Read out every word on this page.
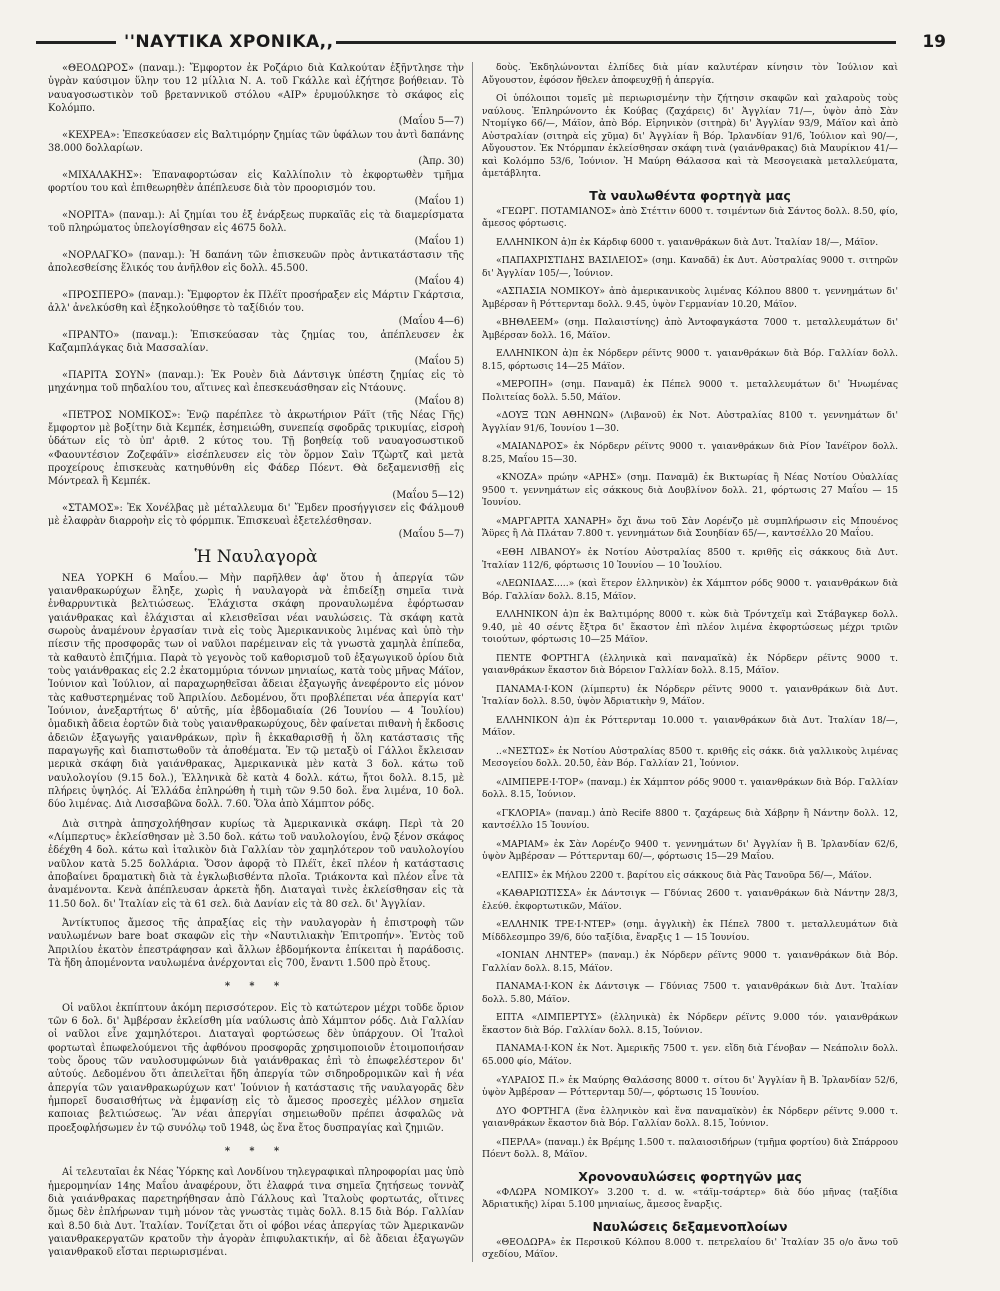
''ΝΑΥΤΙΚΑ ΧΡΟΝΙΚΑ,,	19
«ΘΕΟΔΩΡΟΣ» (παναμ.): Ἔμφορτον ἐκ Ροζάριο διὰ Καλκούταν ἐξῆντλησε τὴν ὑγρὰν καύσιμον ὕλην του 12 μίλλια Ν. Α. τοῦ Γκάλλε καὶ ἐζήτησε βοήθειαν. Τὸ ναυαγοσωστικὸν τοῦ βρεταννικοῦ στόλου «ΑΙΡ» ἐρυμούλκησε τὸ σκάφος εἰς Κολόμπο.
(Μαΐου 5—7)
«ΚΕΧΡΕΑ»: Ἐπεσκεύασεν εἰς Βαλτιμόρην ζημίας τῶν ὑφάλων του ἀντὶ δαπάνης 38.000 δολλαρίων.
(Ἀπρ. 30)
«ΜΙΧΑΛΑΚΗΣ»: Ἐπαναφορτώσαν εἰς Καλλίπολιν τὸ ἐκφορτωθὲν τμῆμα φορτίου του καὶ ἐπιθεωρηθὲν ἀπέπλευσε διὰ τὸν προορισμόν του.
(Μαΐου 1)
«ΝΟΡΙΤΑ» (παναμ.): Αἱ ζημίαι του ἐξ ἐνάρξεως πυρκαϊᾶς εἰς τὰ διαμερίσματα τοῦ πληρώματος ὑπελογίσθησαν εἰς 4675 δολλ.
(Μαΐου 1)
«ΝΟΡΛΑΓΚΟ» (παναμ.): Ἡ δαπάνη τῶν ἐπισκευῶν πρὸς ἀντικατάστασιν τῆς ἀπολεσθείσης ἕλικός του ἀνῆλθον εἰς δολλ. 45.500.
(Μαΐου 4)
«ΠΡΟΣΠΕΡΟ» (παναμ.): Ἔμφορτον ἐκ Πλέϊτ προσήραξεν εἰς Μάρτιν Γκάρτσια, ἀλλ' ἀνελκύσθη καὶ ἐξηκολούθησε τὸ ταξίδιόν του.
(Μαΐου 4—6)
«ΠΡΑΝΤΟ» (παναμ.): Ἐπισκεύασαν τὰς ζημίας του, ἀπέπλευσεν ἐκ Καζαμπλάγκας διὰ Μασσαλίαν.
(Μαΐου 5)
«ΠΑΡΙΤΑ ΣΟΥΝ» (παναμ.): Ἐκ Ρουὲν διὰ Δάντσιγκ ὑπέστη ζημίας εἰς τὸ μηχάνημα τοῦ πηδαλίου του, αἵτινες καὶ ἐπεσκευάσθησαν εἰς Ντάουνς.
(Μαΐου 8)
«ΠΕΤΡΟΣ ΝΟΜΙΚΟΣ»: Ἐνῷ παρέπλεε τὸ ἀκρωτήριον Ράϊτ (τῆς Νέας Γῆς) ἔμφορτον μὲ βοξίτην διὰ Κεμπέκ, ἐσημειώθη, συνεπείᾳ σφοδρᾶς τρικυμίας, εἰσροὴ ὑδάτων εἰς τὸ ὑπ' ἀριθ. 2 κύτος του. Τῇ βοηθείᾳ τοῦ ναυαγοσωστικοῦ «Φαουντέσιον Ζοζεφάϊν» εἰσέπλευσεν εἰς τὸν ὅρμον Σαὶν Τζὼρτζ καὶ μετὰ προχείρους ἐπισκευὰς κατηυθύνθη εἰς Φάδερ Πόεντ. Θὰ δεξαμενισθῇ εἰς Μόντρεαλ ἢ Κεμπέκ.
(Μαΐου 5—12)
«ΣΤΑΜΟΣ»: Ἐκ Χονέλβας μὲ μέταλλευμα δι' Ἔμδεν προσήγγισεν εἰς Φάλμουθ μὲ ἐλαφρὰν διαρροὴν εἰς τὸ φόρμπικ. Ἐπισκευαὶ ἐξετελέσθησαν.
(Μαΐου 5—7)
Ἡ Ναυλαγορὰ

ΝΕΑ ΥΟΡΚΗ 6 Μαΐου.— Μὴν παρῆλθεν ἀφ' ὅτου ἡ ἀπεργία τῶν γαιανθρακωρύχων ἔληξε, χωρὶς ἡ ναυλαγορὰ νὰ ἐπιδείξῃ σημεῖα τινὰ ἐνθαρρυντικὰ βελτιώσεως. Ἐλάχιστα σκάφη προναυλωμένα ἐφόρτωσαν γαιάνθρακας καὶ ἐλάχισται αἱ κλεισθεῖσαι νέαι ναυλώσεις. Τὰ σκάφη κατὰ σωροὺς ἀναμένουν ἐργασίαν τινὰ εἰς τοὺς Ἀμερικανικοὺς λιμένας καὶ ὑπὸ τὴν πίεσιν τῆς προσφορᾶς των οἱ ναῦλοι παρέμειναν εἰς τὰ γνωστὰ χαμηλὰ ἐπίπεδα, τὰ καθαυτὸ ἐπιζήμια. Παρὰ τὸ γεγονὸς τοῦ καθορισμοῦ τοῦ ἐξαγωγικοῦ ὁρίου διὰ τοὺς γαιάνθρακας εἰς 2.2 ἑκατομμύρια τόννων μηνιαίως, κατὰ τοὺς μῆνας Μάϊον, Ἰούνιον καὶ Ἰούλιον, αἱ παραχωρηθεῖσαι ἄδειαι ἐξαγωγῆς ἀνεφέροντο εἰς μόνον τὰς καθυστερημένας τοῦ Ἀπριλίου. Δεδομένου, ὅτι προβλέπεται νέα ἀπεργία κατ' Ἰούνιον, ἀνεξαρτήτως δ' αὐτῆς, μία ἑβδομαδιαία (26 Ἰουνίου — 4 Ἰουλίου) ὁμαδικὴ ἄδεια ἑορτῶν διὰ τοὺς γαιανθρακωρύχους, δὲν φαίνεται πιθανὴ ἡ ἔκδοσις ἀδειῶν ἐξαγωγῆς γαιανθράκων, πρὶν ἢ ἐκκαθαρισθῇ ἡ ὅλη κατάστασις τῆς παραγωγῆς καὶ διαπιστωθοῦν τὰ ἀποθέματα. Ἐν τῷ μεταξὺ οἱ Γάλλοι ἔκλεισαν μερικὰ σκάφη διὰ γαιάνθρακας, Ἀμερικανικὰ μὲν κατὰ 3 δολ. κάτω τοῦ ναυλολογίου (9.15 δολ.), Ἑλληνικὰ δὲ κατὰ 4 δολλ. κάτω, ἤτοι δολλ. 8.15, μὲ πλήρεις ὑψηλός. Αἱ Ἑλλάδα ἐπληρώθη ἡ τιμὴ τῶν 9.50 δολ. ἕνα λιμένα, 10 δολ. δύο λιμένας. Διὰ Λισσαβῶνα δολλ. 7.60. Ὅλα ἀπὸ Χάμπτον ρόδς.

Διὰ σιτηρὰ ἀπησχολήθησαν κυρίως τὰ Ἀμερικανικὰ σκάφη. Περὶ τὰ 20 «Λίμπερτυς» ἐκλείσθησαν μὲ 3.50 δολ. κάτω τοῦ ναυλολογίου, ἐνῷ ξένον σκάφος ἐδέχθη 4 δολ. κάτω καὶ ἰταλικὸν διὰ Γαλλίαν τὸν χαμηλότερον τοῦ ναυλολογίου ναῦλον κατὰ 5.25 δολλάρια. Ὅσον ἀφορᾷ τὸ Πλέϊτ, ἐκεῖ πλέον ἡ κατάστασις ἀποβαίνει δραματικὴ διὰ τὰ ἐγκλωβισθέντα πλοῖα. Τριάκοντα καὶ πλέον εἶνε τὰ ἀναμένοντα. Κενὰ ἀπέπλευσαν ἀρκετὰ ἤδη. Διαταγαὶ τινὲς ἐκλείσθησαν εἰς τὰ 11.50 δολ. δι' Ἰταλίαν εἰς τὰ 61 σελ. διὰ Δανίαν εἰς τὰ 80 σελ. δι' Ἀγγλίαν.

Ἀντίκτυπος ἄμεσος τῆς ἀπραξίας εἰς τὴν ναυλαγορὰν ἡ ἐπιστροφὴ τῶν ναυλωμένων bare boat σκαφῶν εἰς τὴν «Ναυτιλιακὴν Ἐπιτροπήν». Ἐντὸς τοῦ Ἀπριλίου ἑκατὸν ἐπεστράφησαν καὶ ἄλλων ἑβδομήκοντα ἐπίκειται ἡ παράδοσις. Τὰ ἤδη ἀπομένοντα ναυλωμένα ἀνέρχονται εἰς 700, ἔναντι 1.500 πρὸ ἔτους.

* * *

Οἱ ναῦλοι ἐκπίπτουν ἀκόμη περισσότερον. Εἰς τὸ κατώτερον μέχρι τοῦδε ὅριον τῶν 6 δολ. δι' Ἀμβέρσαν ἐκλείσθη μία ναύλωσις ἀπὸ Χάμπτον ρόδς. Διὰ Γαλλίαν οἱ ναῦλοι εἶνε χαμηλότεροι. Διαταγαὶ φορτώσεως δὲν ὑπάρχουν. Οἱ Ἰταλοὶ φορτωταὶ ἐπωφελούμενοι τῆς ἀφθόνου προσφορᾶς χρησιμοποιοῦν ἐτοιμοποιήσαν τοὺς ὅρους τῶν ναυλοσυμφώνων διὰ γαιάνθρακας ἐπὶ τὸ ἐπωφελέστερον δι' αὐτούς. Δεδομένου ὅτι ἀπειλεῖται ἤδη ἀπεργία τῶν σιδηροδρομικῶν καὶ ἡ νέα ἀπεργία τῶν γαιανθρακωρύχων κατ' Ἰούνιον ἡ κατάστασις τῆς ναυλαγορᾶς δὲν ἠμπορεῖ δυσαισθήτως νὰ ἐμφανίσῃ εἰς τὸ ἄμεσος προσεχὲς μέλλον σημεῖα καποιας βελτιώσεως. Ἂν νέαι ἀπεργίαι σημειωθοῦν πρέπει ἀσφαλῶς νὰ προεξοφλήσωμεν ἐν τῷ συνόλῳ τοῦ 1948, ὡς ἕνα ἔτος δυσπραγίας καὶ ζημιῶν.

* * *

Αἱ τελευταῖαι ἐκ Νέας Ὑόρκης καὶ Λονδίνου τηλεγραφικαὶ πληροφορίαι μας ὑπὸ ἡμερομηνίαν 14ης Μαΐου ἀναφέρουν, ὅτι ἐλαφρά τινα σημεῖα ζητήσεως τοννὰζ διὰ γαιάνθρακας παρετηρήθησαν ἀπὸ Γάλλους καὶ Ἰταλοὺς φορτωτάς, οἵτινες ὅμως δὲν ἐπλήρωναν τιμὴ μόνον τὰς γνωστὰς τιμὰς δολλ. 8.15 διὰ Βόρ. Γαλλίαν καὶ 8.50 διὰ Δυτ. Ἰταλίαν. Τονίζεται ὅτι οἱ φόβοι νέας ἀπεργίας τῶν Ἀμερικανῶν γαιανθρακεργατῶν κρατοῦν τὴν ἀγορὰν ἐπιφυλακτικήν, αἱ δὲ ἄδειαι ἐξαγωγῶν γαιανθρακοῦ εἴσται περιωρισμέναι.

δοὺς. Ἐκδηλώνονται ἐλπίδες διὰ μίαν καλυτέραν κίνησιν τὸν Ἰούλιον καὶ Αὔγουστον, ἐφόσον ἤθελεν ἀποφευχθῇ ἡ ἀπεργία.

Οἱ ὑπόλοιποι τομεῖς μὲ περιωρισμένην τὴν ζήτησιν σκαφῶν καὶ χαλαροὺς τοὺς ναύλους. Ἐπληρώνοντο ἐκ Κούβας (ζαχάρεις) δι' Ἀγγλίαν 71/—, ὑψὸν ἀπὸ Σὰν Ντομίγκο 66/—, Μάϊον, ἀπὸ Βόρ. Εἰρηνικὸν (σιτηρὰ) δι' Ἀγγλίαν 93/9, Μάϊον καὶ ἀπὸ Αὐστραλίαν (σιτηρὰ εἰς χῦμα) δι' Ἀγγλίαν ἢ Βόρ. Ἰρλανδίαν 91/6, Ἰούλιον καὶ 90/—, Αὔγουστον. Ἐκ Ντόρμπαν ἐκλείσθησαν σκάφη τινὰ (γαιάνθρακας) διὰ Μαυρίκιον 41/— καὶ Κολόμπο 53/6, Ἰούνιον. Ἡ Μαύρη Θάλασσα καὶ τὰ Μεσογειακὰ μεταλλεύματα, ἀμετάβλητα.

Τὰ ναυλωθέντα φορτηγὰ μας

«ΓΕΩΡΓ. ΠΟΤΑΜΙΑΝΟΣ» ἀπὸ Στέττιν 6000 τ. τσιμέντων διὰ Σάντος δολλ. 8.50, φίο, ἄμεσος φόρτωσις.

ΕΛΛΗΝΙΚΟΝ ἀ)π ἐκ Κάρδιφ 6000 τ. γαιανθράκων διὰ Δυτ. Ἰταλίαν 18/—, Μάϊον.

«ΠΑΠΑΧΡΙΣΤΙΔΗΣ ΒΑΣΙΛΕΙΟΣ» (σημ. Καναδᾶ) ἐκ Δυτ. Αὐστραλίας 9000 τ. σιτηρῶν δι' Ἀγγλίαν 105/—, Ἰούνιον.

«ΑΣΠΑΣΙΑ ΝΟΜΙΚΟΥ» ἀπὸ ἀμερικανικοὺς λιμένας Κόλπου 8800 τ. γεννημάτων δι' Ἀμβέρσαν ἢ Ρόττερνταμ δολλ. 9.45, ὑψὸν Γερμανίαν 10.20, Μάϊον.

«ΒΗΘΛΕΕΜ» (σημ. Παλαιστίνης) ἀπὸ Ἀντοφαγκάστα 7000 τ. μεταλλευμάτων δι' Ἀμβέρσαν δολλ. 16, Μάϊον.

ΕΛΛΗΝΙΚΟΝ ἀ)π ἐκ Νόρδερν ρέϊντς 9000 τ. γαιανθράκων διὰ Βόρ. Γαλλίαν δολλ. 8.15, φόρτωσις 14—25 Μάϊον.

«ΜΕΡΟΠΗ» (σημ. Παναμᾶ) ἐκ Πέπελ 9000 τ. μεταλλευμάτων δι' Ἡνωμένας Πολιτείας δολλ. 5.50, Μάϊον.

«ΔΟΥΞ ΤΩΝ ΑΘΗΝΩΝ» (Λιβανοῦ) ἐκ Νοτ. Αὐστραλίας 8100 τ. γεννημάτων δι' Ἀγγλίαν 91/6, Ἰουνίου 1—30.

«ΜΑΙΑΝΔΡΟΣ» ἐκ Νόρδερν ρέϊντς 9000 τ. γαιανθράκων διὰ Ρίον Ἰανέϊρον δολλ. 8.25, Μαΐου 15—30.

«ΚΝΟΖΑ» πρώην «ΑΡΗΣ» (σημ. Παναμᾶ) ἐκ Βικτωρίας ἢ Νέας Νοτίου Οὐαλλίας 9500 τ. γεννημάτων εἰς σάκκους διὰ Δουβλίνον δολλ. 21, φόρτωσις 27 Μαΐου — 15 Ἰουνίου.

«ΜΑΡΓΑΡΙΤΑ ΧΑΝΑΡΗ» ὄχι ἄνω τοῦ Σὰν Λορένζο μὲ συμπλήρωσιν εἰς Μπουένος Ἄϋρες ἢ Λὰ Πλάταν 7.800 τ. γεννημάτων διὰ Σουηδίαν 65/—, καντσέλλο 20 Μαΐου.

«ΕΘΗ ΛΙΒΑΝΟΥ» ἐκ Νοτίου Αὐστραλίας 8500 τ. κριθῆς εἰς σάκκους διὰ Δυτ. Ἰταλίαν 112/6, φόρτωσις 10 Ἰουνίου — 10 Ἰουλίου.

«ΛΕΩΝΙΔΑΣ.....» (καὶ ἕτερον ἑλληνικὸν) ἐκ Χάμπτον ρόδς 9000 τ. γαιανθράκων διὰ Βόρ. Γαλλίαν δολλ. 8.15, Μάϊον.

ΕΛΛΗΝΙΚΟΝ ἀ)π ἐκ Βαλτιμόρης 8000 τ. κὼκ διὰ Τρόντχεϊμ καὶ Στάβαγκερ δολλ. 9.40, μὲ 40 σέντς ἔξτρα δι' ἕκαστον ἐπὶ πλέον λιμένα ἐκφορτώσεως μέχρι τριῶν τοιούτων, φόρτωσις 10—25 Μάϊον.

ΠΕΝΤΕ ΦΟΡΤΗΓΑ (ἑλληνικὰ καὶ παναμαϊκὰ) ἐκ Νόρδερν ρέϊντς 9000 τ. γαιανθράκων ἕκαστον διὰ Βόρειον Γαλλίαν δολλ. 8.15, Μάϊον.

ΠΑΝΑΜΑ·Ι·ΚΟΝ (λίμπερτυ) ἐκ Νόρδερν ρέϊντς 9000 τ. γαιανθράκων διὰ Δυτ. Ἰταλίαν δολλ. 8.50, ὑψὸν Ἀδριατικὴν 9, Μάϊον.

ΕΛΛΗΝΙΚΟΝ ἀ)π ἐκ Ρόττερνταμ 10.000 τ. γαιανθράκων διὰ Δυτ. Ἰταλίαν 18/—, Μάϊον.

..«ΝΕΣΤΩΣ» ἐκ Νοτίου Αὐστραλίας 8500 τ. κριθῆς εἰς σάκκ. διὰ γαλλικοὺς λιμένας Μεσογείου δολλ. 20.50, ἐὰν Βόρ. Γαλλίαν 21, Ἰούνιον.

«ΛΙΜΠΕΡΕ·Ι·ΤΟΡ» (παναμ.) ἐκ Χάμπτον ρόδς 9000 τ. γαιανθράκων διὰ Βόρ. Γαλλίαν δολλ. 8.15, Ἰούνιον.

«ΓΚΛΟΡΙΑ» (παναμ.) ἀπὸ Recife 8800 τ. ζαχάρεως διὰ Χάβρην ἢ Νάντην δολλ. 12, καντσέλλο 15 Ἰουνίου.

«ΜΑΡΙΑΜ» ἐκ Σὰν Λορένζο 9400 τ. γεννημάτων δι' Ἀγγλίαν ἢ Β. Ἰρλανδίαν 62/6, ὑψὸν Ἀμβέρσαν — Ρόττερνταμ 60/—, φόρτωσις 15—29 Μαΐου.

«ΕΛΠΙΣ» ἐκ Μήλου 2200 τ. βαρίτου εἰς σάκκους διὰ Ρὰς Τανοῦρα 56/—, Μάϊον.

«ΚΑΘΑΡΙΩΤΙΣΣΑ» ἐκ Δάντσιγκ — Γδύνιας 2600 τ. γαιανθράκων διὰ Νάντην 28/3, ἐλεύθ. ἐκφορτωτικῶν, Μάϊον.

«ΕΛΛΗΝΙΚ ΤΡΕ·Ι·ΝΤΕΡ» (σημ. ἀγγλικὴ) ἐκ Πέπελ 7800 τ. μεταλλευμάτων διὰ Μίδδλεσμπρο 39/6, δύο ταξίδια, ἔναρξις 1 — 15 Ἰουνίου.

«ΙΟΝΙΑΝ ΛΗΝΤΕΡ» (παναμ.) ἐκ Νόρδερν ρέϊντς 9000 τ. γαιανθράκων διὰ Βόρ. Γαλλίαν δολλ. 8.15, Μάϊον.

ΠΑΝΑΜΑ·Ι·ΚΟΝ ἐκ Δάντσιγκ — Γδύνιας 7500 τ. γαιανθράκων διὰ Δυτ. Ἰταλίαν δολλ. 5.80, Μάϊον.

ΕΠΤΑ «ΛΙΜΠΕΡΤΥΣ» (ἑλληνικὰ) ἐκ Νόρδερν ρέϊντς 9.000 τόν. γαιανθράκων ἕκαστον διὰ Βόρ. Γαλλίαν δολλ. 8.15, Ἰούνιον.

ΠΑΝΑΜΑ·Ι·ΚΟΝ ἐκ Νοτ. Ἀμερικῆς 7500 τ. γεν. εἴδη διὰ Γένοβαν — Νεάπολιν δολλ. 65.000 φίο, Μάϊον.

«ΥΛΡΑΙΟΣ Π.» ἐκ Μαύρης Θαλάσσης 8000 τ. σίτου δι' Ἀγγλίαν ἢ Β. Ἰρλανδίαν 52/6, ὑψὸν Ἀμβέρσαν — Ρόττερνταμ 50/—, φόρτωσις 15 Ἰουνίου.

ΔΥΟ ΦΟΡΤΗΓΑ (ἕνα ἑλληνικὸν καὶ ἕνα παναμαϊκὸν) ἐκ Νόρδερν ρέϊντς 9.000 τ. γαιανθράκων ἕκαστον διὰ Βόρ. Γαλλίαν δολλ. 8.15, Ἰούνιον.

«ΠΕΡΛΑ» (παναμ.) ἐκ Βρέμης 1.500 τ. παλαιοσιδήρων (τμῆμα φορτίου) διὰ Σπάρροου Πόεντ δολλ. 8, Μάϊον.

Χρονοναυλώσεις φορτηγῶν μας

«ΦΛΩΡΑ ΝΟΜΙΚΟΥ» 3.200 τ. d. w. «τάϊμ-τσάρτερ» διὰ δύο μῆνας (ταξίδια Ἀδριατικῆς) λίραι 5.100 μηνιαίως, ἄμεσος ἔναρξις.

Ναυλώσεις δεξαμενοπλοίων

«ΘΕΟΔΩΡΑ» ἐκ Περσικοῦ Κόλπου 8.000 τ. πετρελαίου δι' Ἰταλίαν 35 ο/ο ἄνω τοῦ σχεδίου, Μάϊον.
